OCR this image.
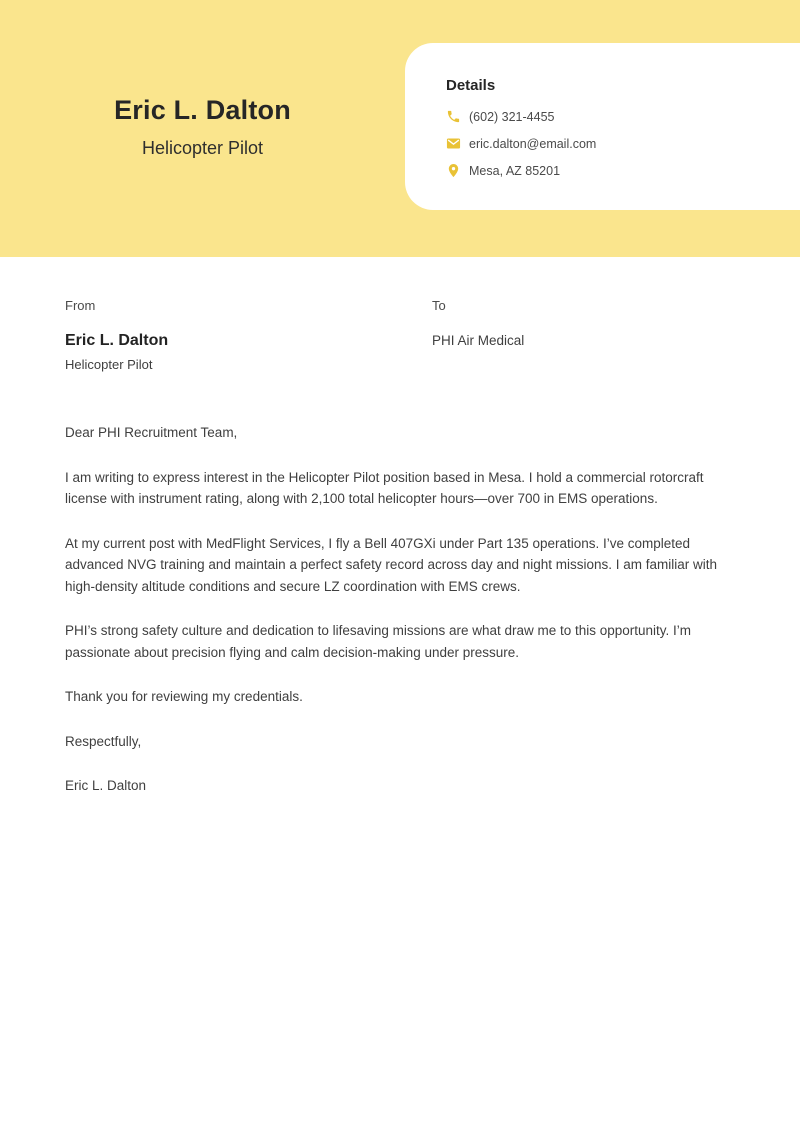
Eric L. Dalton
Helicopter Pilot
Details
(602) 321-4455
eric.dalton@email.com
Mesa, AZ 85201
From
Eric L. Dalton
Helicopter Pilot
To
PHI Air Medical

Dear PHI Recruitment Team,

I am writing to express interest in the Helicopter Pilot position based in Mesa. I hold a commercial rotorcraft license with instrument rating, along with 2,100 total helicopter hours—over 700 in EMS operations.

At my current post with MedFlight Services, I fly a Bell 407GXi under Part 135 operations. I’ve completed advanced NVG training and maintain a perfect safety record across day and night missions. I am familiar with high-density altitude conditions and secure LZ coordination with EMS crews.

PHI’s strong safety culture and dedication to lifesaving missions are what draw me to this opportunity. I’m passionate about precision flying and calm decision-making under pressure.

Thank you for reviewing my credentials.

Respectfully,

Eric L. Dalton
